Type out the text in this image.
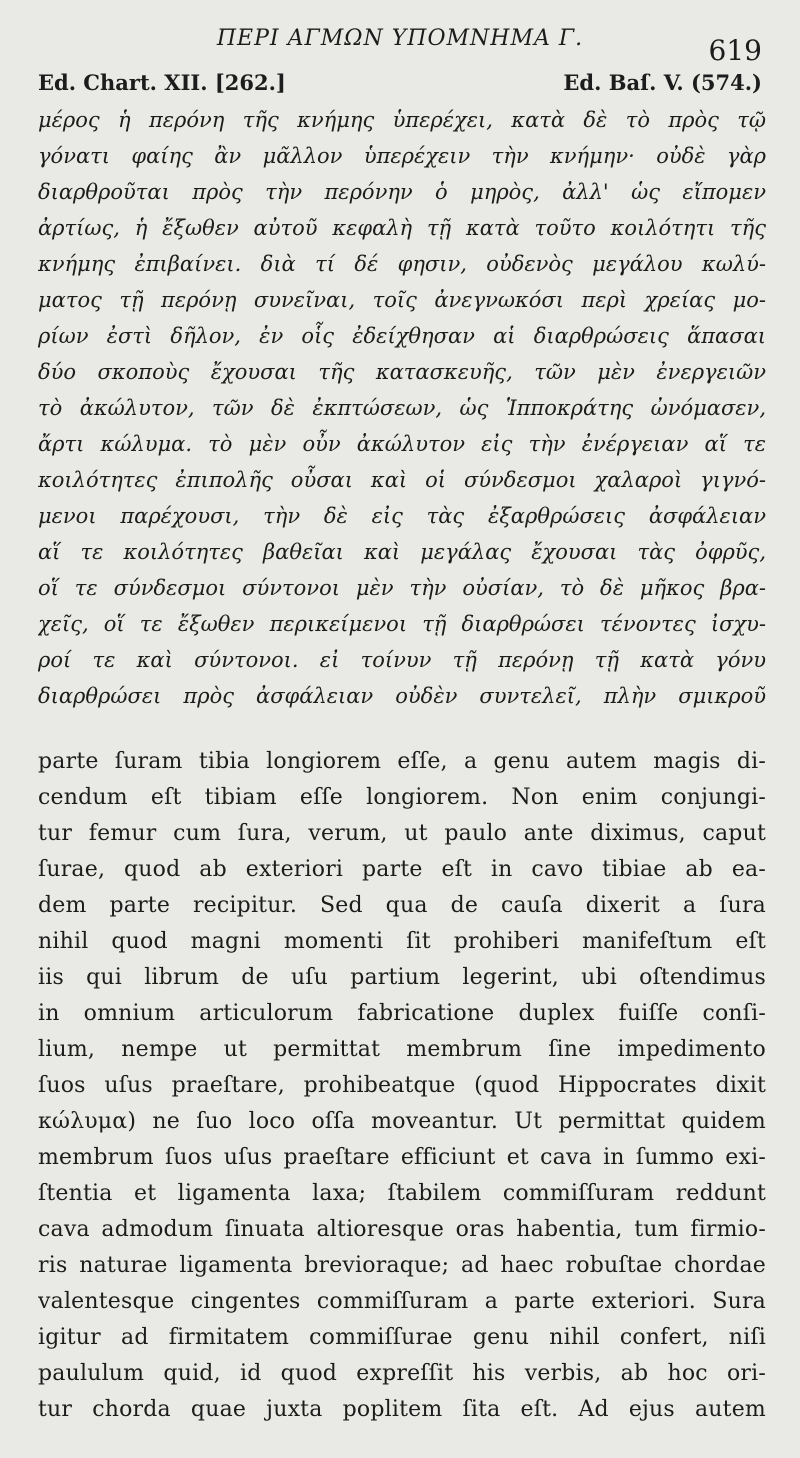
ΠΕΡΙ ΑΓΜΩΝ ΥΠΟΜΝΗΜΑ Γ.	619
Ed. Chart. XII. [262.]	Ed. Baſ. V. (574.)
μέρος ἡ περόνη τῆς κνήμης ὑπερέχει, κατὰ δὲ τὸ πρὸς τῷ
γόνατι φαίης ἂν μᾶλλον ὑπερέχειν τὴν κνήμην· οὐδὲ γὰρ
διαρθροῦται πρὸς τὴν περόνην ὁ μηρὸς, ἀλλ' ὡς εἴπομεν
ἀρτίως, ἡ ἔξωθεν αὐτοῦ κεφαλὴ τῇ κατὰ τοῦτο κοιλότητι τῆς
κνήμης ἐπιβαίνει. διὰ τί δέ φησιν, οὐδενὸς μεγάλου κωλύ-
ματος τῇ περόνῃ συνεῖναι, τοῖς ἀνεγνωκόσι περὶ χρείας μο-
ρίων ἐστὶ δῆλον, ἐν οἷς ἐδείχθησαν αἱ διαρθρώσεις ἅπασαι
δύο σκοποὺς ἔχουσαι τῆς κατασκευῆς, τῶν μὲν ἐνεργειῶν
τὸ ἀκώλυτον, τῶν δὲ ἐκπτώσεων, ὡς Ἱπποκράτης ὠνόμασεν,
ἄρτι κώλυμα. τὸ μὲν οὖν ἀκώλυτον εἰς τὴν ἐνέργειαν αἵ τε
κοιλότητες ἐπιπολῆς οὖσαι καὶ οἱ σύνδεσμοι χαλαροὶ γιγνό-
μενοι παρέχουσι, τὴν δὲ εἰς τὰς ἐξαρθρώσεις ἀσφάλειαν
αἵ τε κοιλότητες βαθεῖαι καὶ μεγάλας ἔχουσαι τὰς ὀφρῦς,
οἵ τε σύνδεσμοι σύντονοι μὲν τὴν οὐσίαν, τὸ δὲ μῆκος βρα-
χεῖς, οἵ τε ἔξωθεν περικείμενοι τῇ διαρθρώσει τένοντες ἰσχυ-
ροί τε καὶ σύντονοι. εἰ τοίνυν τῇ περόνῃ τῇ κατὰ γόνυ
διαρθρώσει πρὸς ἀσφάλειαν οὐδὲν συντελεῖ, πλὴν σμικροῦ
parte ſuram tibia longiorem eſſe, a genu autem magis di-
cendum eſt tibiam eſſe longiorem. Non enim conjungi-
tur femur cum ſura, verum, ut paulo ante diximus, caput
ſurae, quod ab exteriori parte eſt in cavo tibiae ab ea-
dem parte recipitur. Sed qua de cauſa dixerit a ſura
nihil quod magni momenti ſit prohiberi manifeſtum eſt
iis qui librum de uſu partium legerint, ubi oſtendimus
in omnium articulorum fabricatione duplex fuiſſe conſi-
lium, nempe ut permittat membrum ſine impedimento
ſuos uſus praeſtare, prohibeatque (quod Hippocrates dixit
κώλυμα) ne ſuo loco oſſa moveantur. Ut permittat quidem
membrum ſuos uſus praeſtare efficiunt et cava in ſummo exi-
ſtentia et ligamenta laxa; ſtabilem commiſſuram reddunt
cava admodum ſinuata altioresque oras habentia, tum firmio-
ris naturae ligamenta brevioraque; ad haec robuſtae chordae
valentesque cingentes commiſſuram a parte exteriori. Sura
igitur ad firmitatem commiſſurae genu nihil confert, niſi
paululum quid, id quod expreſſit his verbis, ab hoc ori-
tur chorda quae juxta poplitem ſita eſt. Ad ejus autem
